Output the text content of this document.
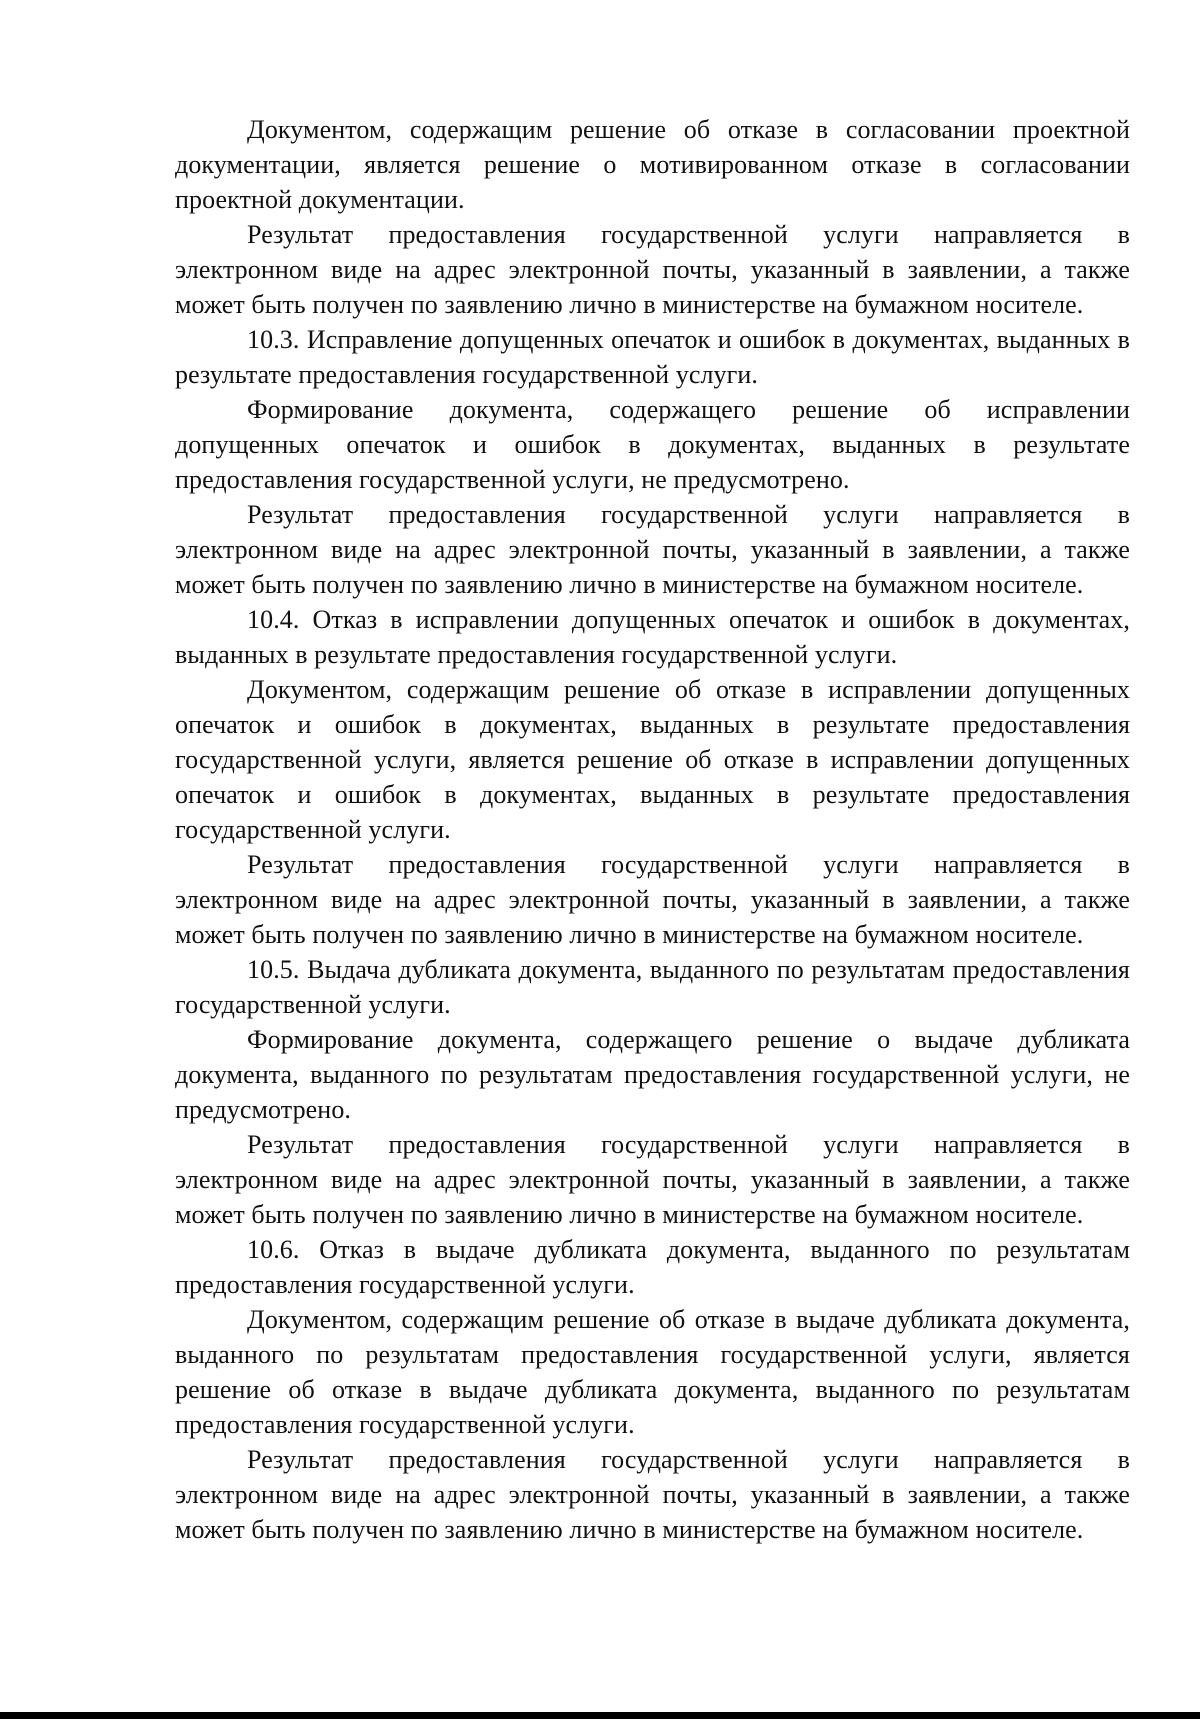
Документом, содержащим решение об отказе в согласовании проектной документации, является решение о мотивированном отказе в согласовании проектной документации.

Результат предоставления государственной услуги направляется в электронном виде на адрес электронной почты, указанный в заявлении, а также может быть получен по заявлению лично в министерстве на бумажном носителе.

10.3. Исправление допущенных опечаток и ошибок в документах, выданных в результате предоставления государственной услуги.

Формирование документа, содержащего решение об исправлении допущенных опечаток и ошибок в документах, выданных в результате предоставления государственной услуги, не предусмотрено.

Результат предоставления государственной услуги направляется в электронном виде на адрес электронной почты, указанный в заявлении, а также может быть получен по заявлению лично в министерстве на бумажном носителе.

10.4. Отказ в исправлении допущенных опечаток и ошибок в документах, выданных в результате предоставления государственной услуги.

Документом, содержащим решение об отказе в исправлении допущенных опечаток и ошибок в документах, выданных в результате предоставления государственной услуги, является решение об отказе в исправлении допущенных опечаток и ошибок в документах, выданных в результате предоставления государственной услуги.

Результат предоставления государственной услуги направляется в электронном виде на адрес электронной почты, указанный в заявлении, а также может быть получен по заявлению лично в министерстве на бумажном носителе.

10.5. Выдача дубликата документа, выданного по результатам предоставления государственной услуги.

Формирование документа, содержащего решение о выдаче дубликата документа, выданного по результатам предоставления государственной услуги, не предусмотрено.

Результат предоставления государственной услуги направляется в электронном виде на адрес электронной почты, указанный в заявлении, а также может быть получен по заявлению лично в министерстве на бумажном носителе.

10.6. Отказ в выдаче дубликата документа, выданного по результатам предоставления государственной услуги.

Документом, содержащим решение об отказе в выдаче дубликата документа, выданного по результатам предоставления государственной услуги, является решение об отказе в выдаче дубликата документа, выданного по результатам предоставления государственной услуги.

Результат предоставления государственной услуги направляется в электронном виде на адрес электронной почты, указанный в заявлении, а также может быть получен по заявлению лично в министерстве на бумажном носителе.
